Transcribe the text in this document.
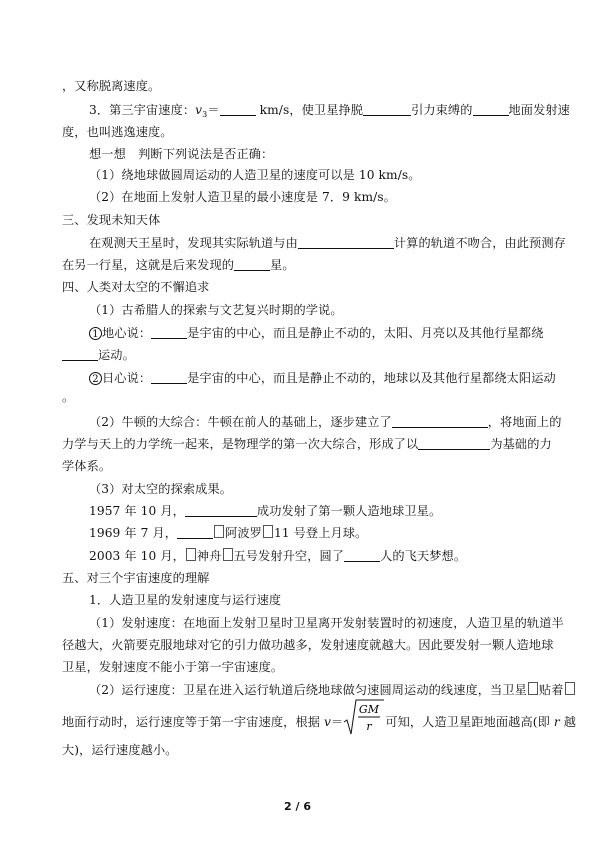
，又称脱离速度。
3．第三宇宙速度：$v_3=$	km/s，使卫星挣脱	引力束缚的	地面发射速
度，也叫逃逸速度。
想一想　判断下列说法是否正确：
（1）绕地球做圆周运动的人造卫星的速度可以是 10 km/s。
（2）在地面上发射人造卫星的最小速度是 7．9 km/s。
三、发现未知天体
在观测天王星时，发现其实际轨道与由	计算的轨道不吻合，由此预测存
在另一行星，这就是后来发现的	星。
四、人类对太空的不懈追求
（1）古希腊人的探索与文艺复兴时期的学说。
1 地心说：	是宇宙的中心，而且是静止不动的，太阳、月亮以及其他行星都绕
运动。
2 日心说：	是宇宙的中心，而且是静止不动的，地球以及其他行星都绕太阳运动
。
（2）牛顿的大综合：牛顿在前人的基础上，逐步建立了	，将地面上的
力学与天上的力学统一起来，是物理学的第一次大综合，形成了以	为基础的力
学体系。
（3）对太空的探索成果。
1957 年 10 月，	成功发射了第一颗人造地球卫星。
1969 年 7 月，	阿波罗 11 号登上月球。
2003 年 10 月， 神舟 五号发射升空，圆了	人的飞天梦想。
五、对三个宇宙速度的理解
1．人造卫星的发射速度与运行速度
（1）发射速度：在地面上发射卫星时卫星离开发射装置时的初速度，人造卫星的轨道半
径越大，火箭要克服地球对它的引力做功越多，发射速度就越大。因此要发射一颗人造地球
卫星，发射速度不能小于第一宇宙速度。
（2）运行速度：卫星在进入运行轨道后绕地球做匀速圆周运动的线速度，当卫星 贴着
地面行动时，运行速度等于第一宇宙速度，根据 v＝
GM
r 可知，人造卫星距地面越高(即 r 越
大)，运行速度越小。
2 / 6
